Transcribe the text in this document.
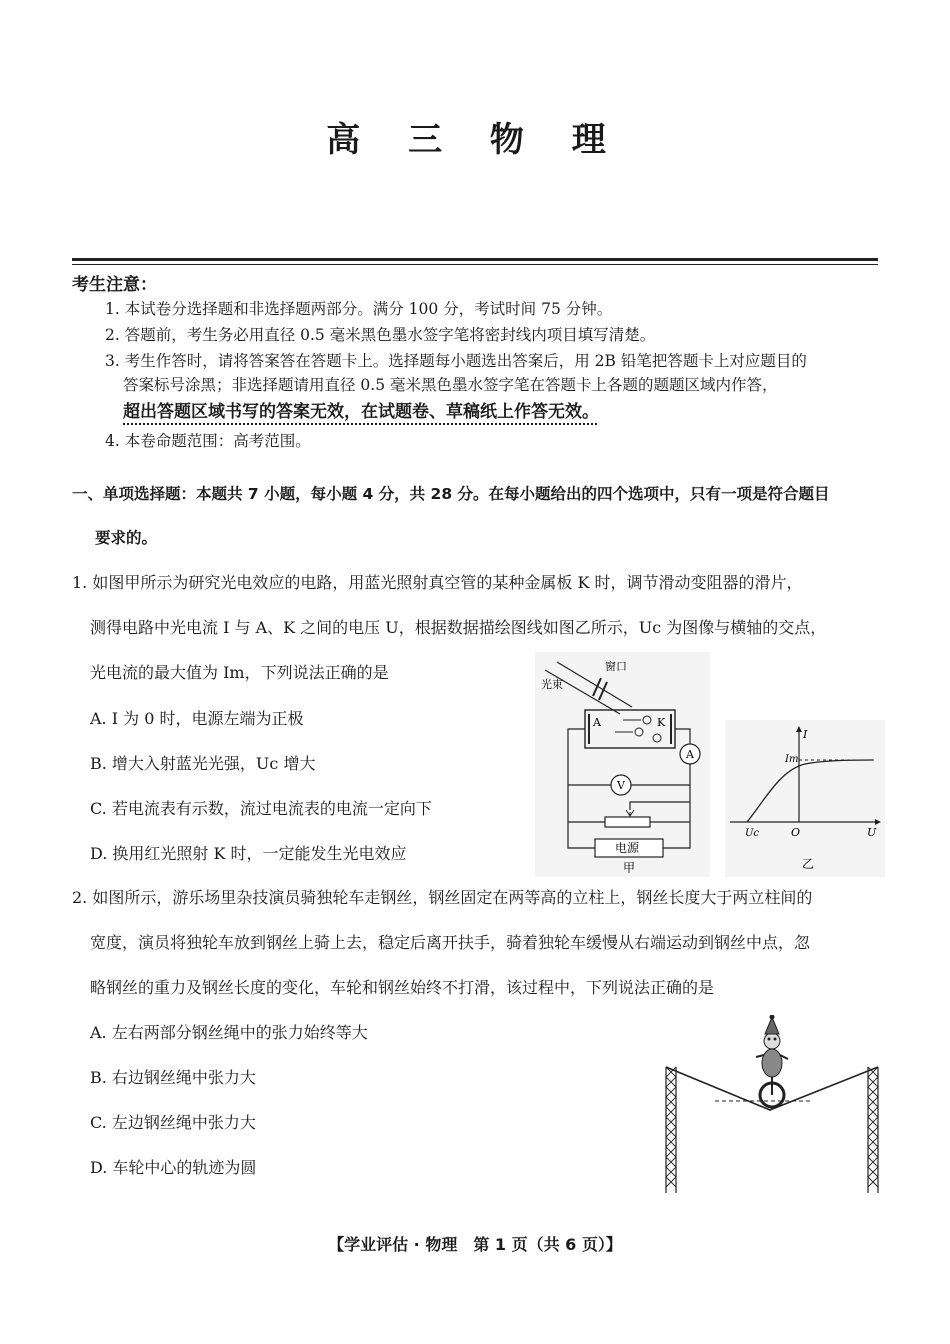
高 三 物 理
考生注意：
1. 本试卷分选择题和非选择题两部分。满分 100 分，考试时间 75 分钟。
2. 答题前，考生务必用直径 0.5 毫米黑色墨水签字笔将密封线内项目填写清楚。
3. 考生作答时，请将答案答在答题卡上。选择题每小题选出答案后，用 2B 铅笔把答题卡上对应题目的
答案标号涂黑；非选择题请用直径 0.5 毫米黑色墨水签字笔在答题卡上各题的题题区域内作答，
超出答题区域书写的答案无效，在试题卷、草稿纸上作答无效。
4. 本卷命题范围：高考范围。
一、单项选择题：本题共 7 小题，每小题 4 分，共 28 分。在每小题给出的四个选项中，只有一项是符合题目
要求的。
1. 如图甲所示为研究光电效应的电路，用蓝光照射真空管的某种金属板 K 时，调节滑动变阻器的滑片，
测得电路中光电流 I 与 A、K 之间的电压 U，根据数据描绘图线如图乙所示，Uc 为图像与横轴的交点，
光电流的最大值为 Im，下列说法正确的是
A. I 为 0 时，电源左端为正极
B. 增大入射蓝光光强，Uc 增大
C. 若电流表有示数，流过电流表的电流一定向下
D. 换用红光照射 K 时，一定能发生光电效应
窗口
光束
A	K
A
V
电源
甲
I
U
O
Uc
Im
乙
2. 如图所示，游乐场里杂技演员骑独轮车走钢丝，钢丝固定在两等高的立柱上，钢丝长度大于两立柱间的
宽度，演员将独轮车放到钢丝上骑上去，稳定后离开扶手，骑着独轮车缓慢从右端运动到钢丝中点，忽
略钢丝的重力及钢丝长度的变化，车轮和钢丝始终不打滑，该过程中，下列说法正确的是
A. 左右两部分钢丝绳中的张力始终等大
B. 右边钢丝绳中张力大
C. 左边钢丝绳中张力大
D. 车轮中心的轨迹为圆
【学业评估 · 物理　第 1 页（共 6 页）】
